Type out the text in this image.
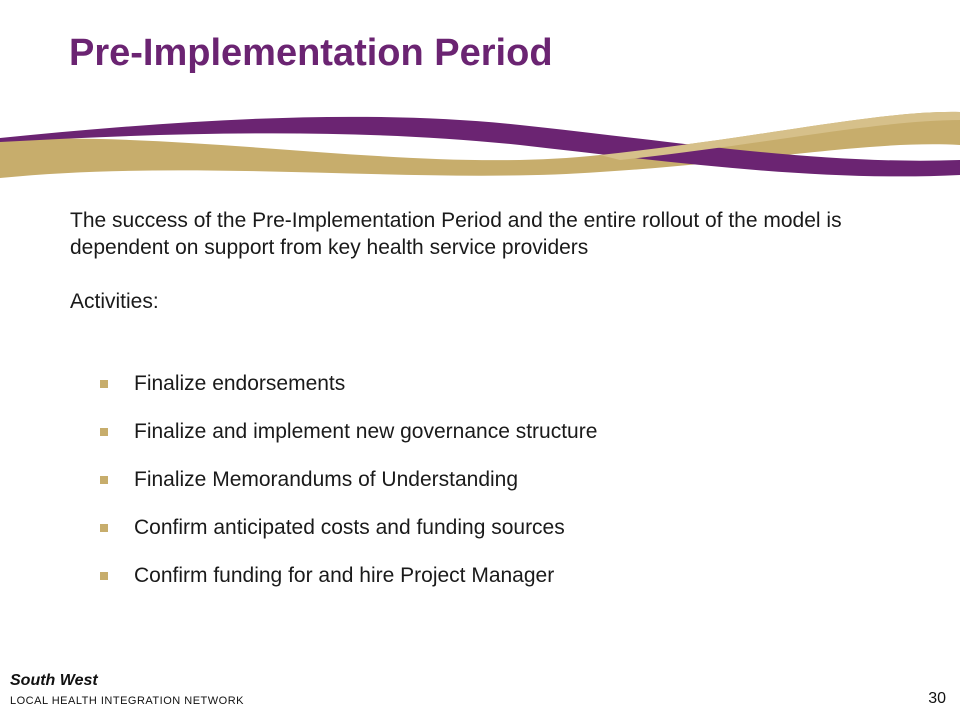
Pre-Implementation Period
The success of the Pre-Implementation Period and the entire rollout of the model is dependent on support from key health service providers
Activities:
Finalize endorsements
Finalize and implement new governance structure
Finalize Memorandums of Understanding
Confirm anticipated costs and funding sources
Confirm funding for and hire Project Manager
South West
LOCAL HEALTH INTEGRATION NETWORK	30
